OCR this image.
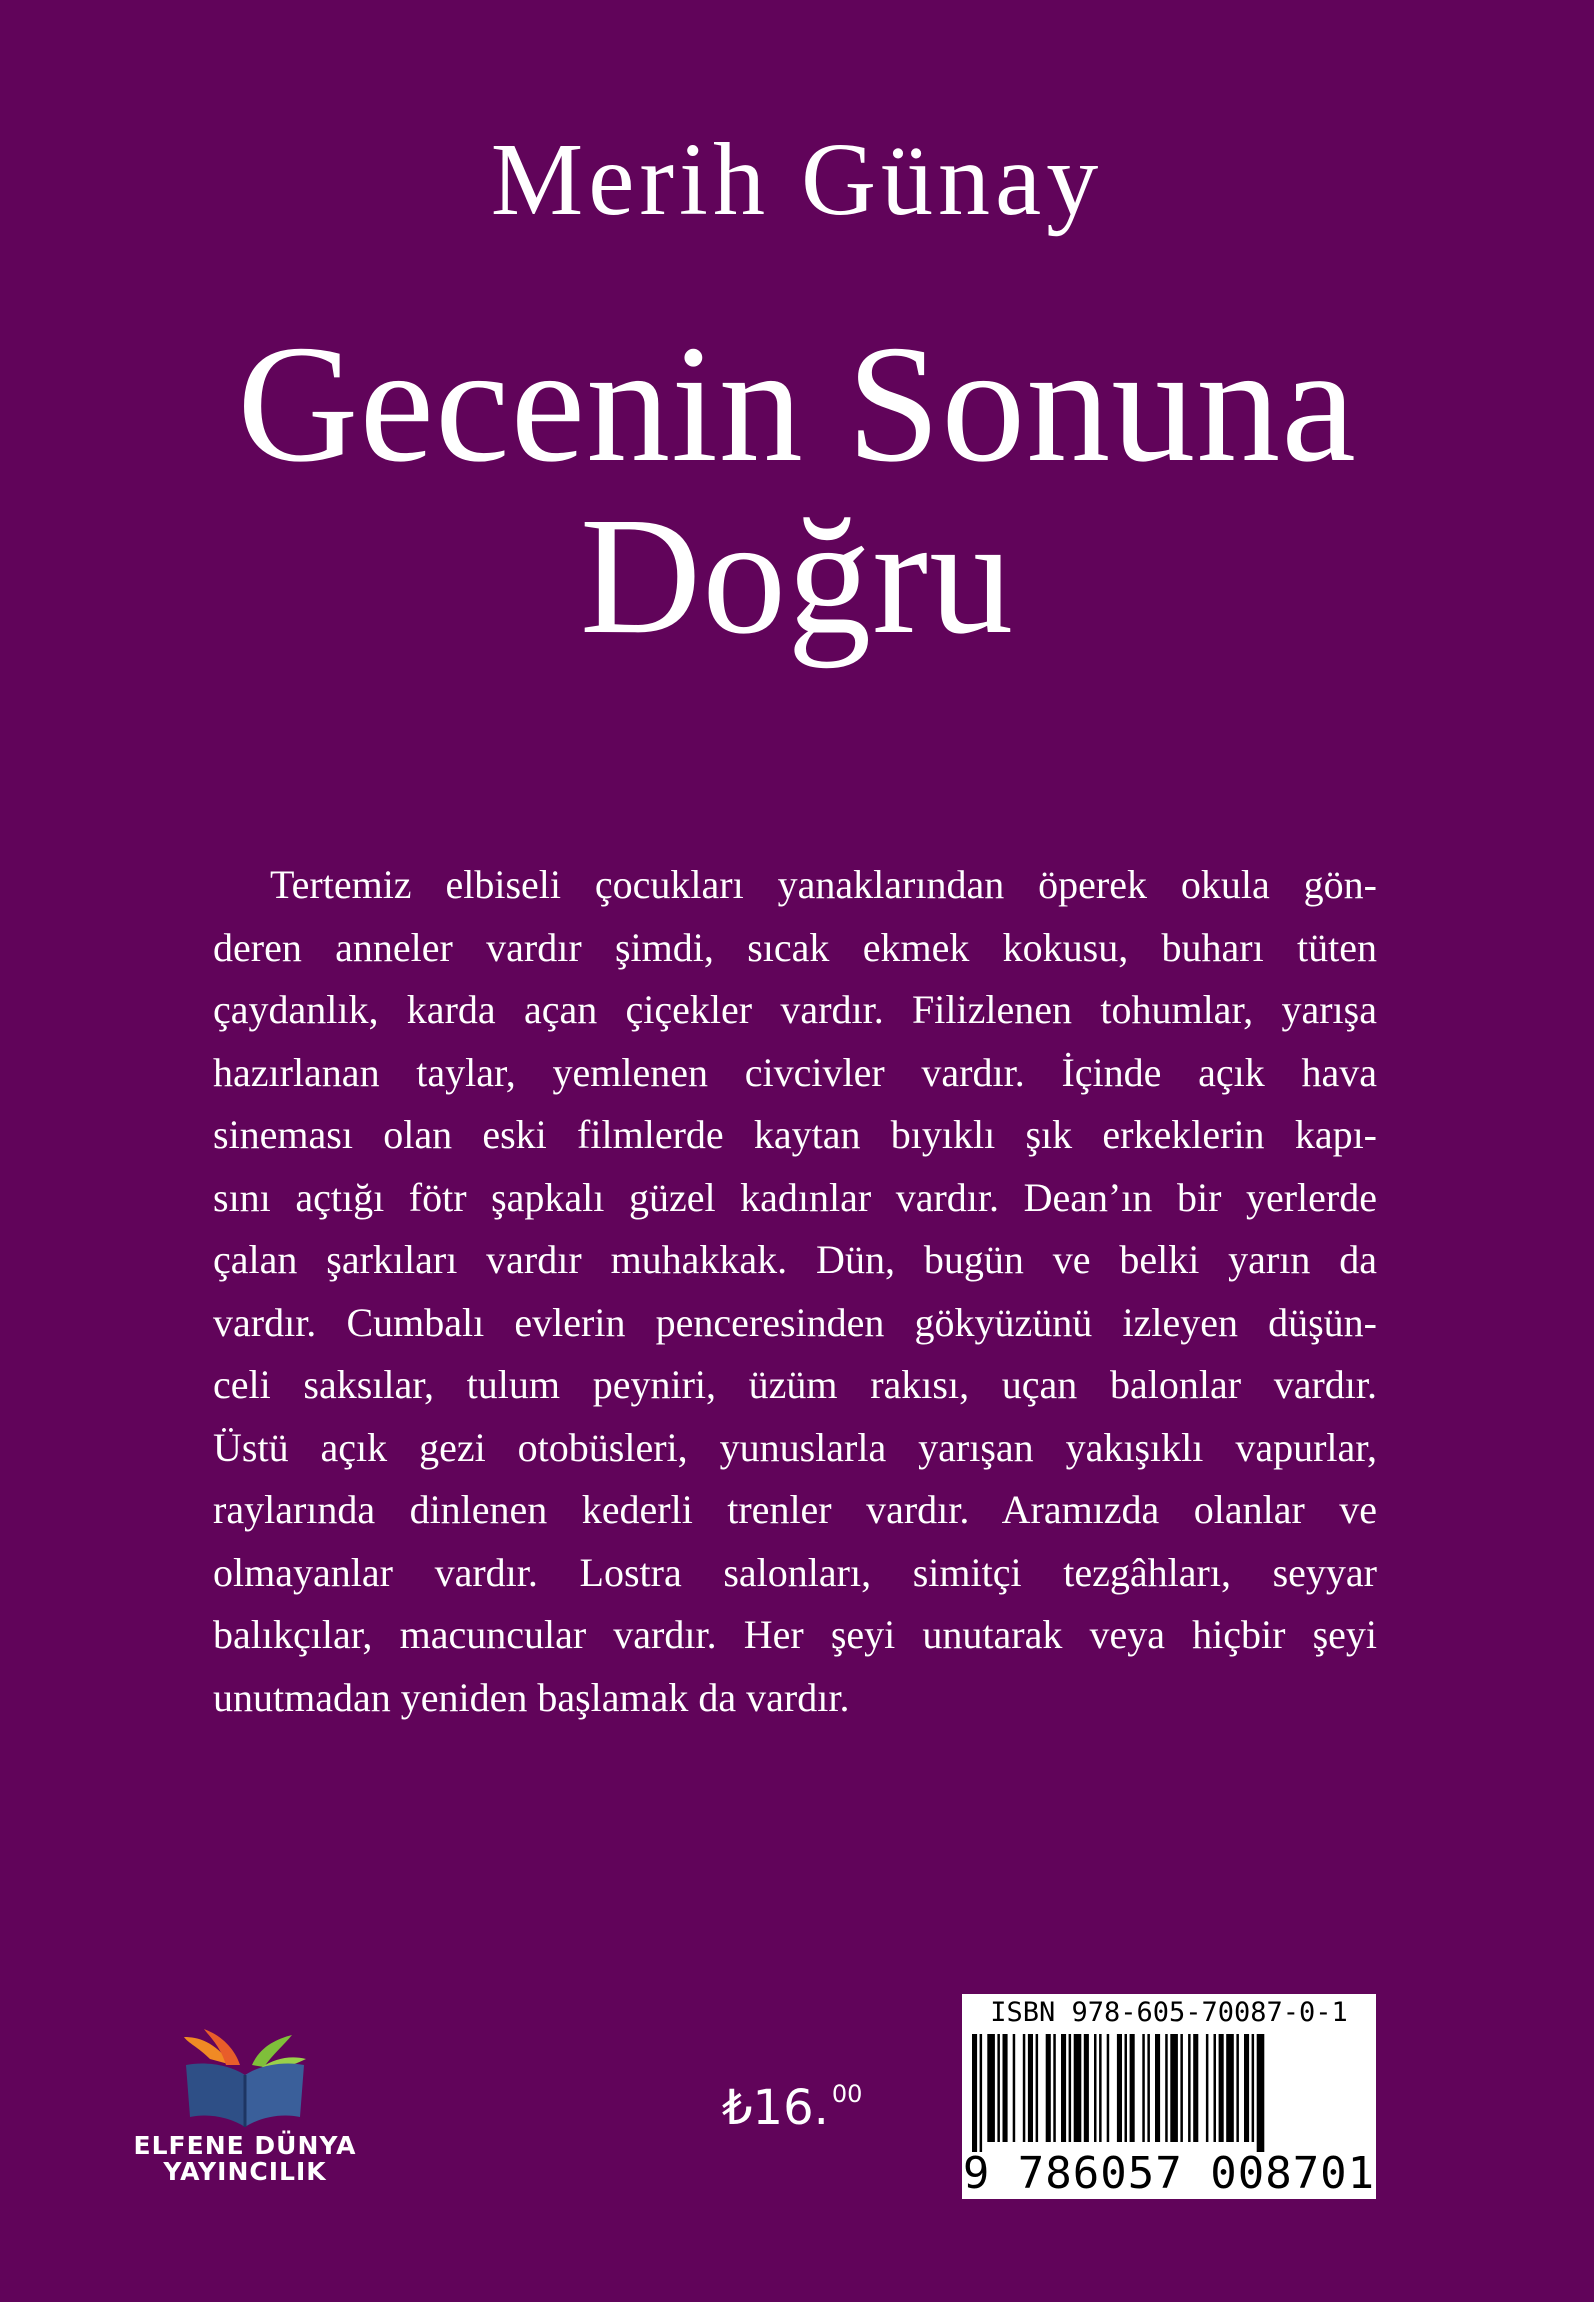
Merih Günay
Gecenin Sonuna
Doğru
Tertemiz elbiseli çocukları yanaklarından öperek okula gön-
deren anneler vardır şimdi, sıcak ekmek kokusu, buharı tüten
çaydanlık, karda açan çiçekler vardır. Filizlenen tohumlar, yarışa
hazırlanan taylar, yemlenen civcivler vardır. İçinde açık hava
sineması olan eski filmlerde kaytan bıyıklı şık erkeklerin kapı-
sını açtığı fötr şapkalı güzel kadınlar vardır. Dean’ın bir yerlerde
çalan şarkıları vardır muhakkak. Dün, bugün ve belki yarın da
vardır. Cumbalı evlerin penceresinden gökyüzünü izleyen düşün-
celi saksılar, tulum peyniri, üzüm rakısı, uçan balonlar vardır.
Üstü açık gezi otobüsleri, yunuslarla yarışan yakışıklı vapurlar,
raylarında dinlenen kederli trenler vardır. Aramızda olanlar ve
olmayanlar vardır. Lostra salonları, simitçi tezgâhları, seyyar
balıkçılar, macuncular vardır. Her şeyi unutarak veya hiçbir şeyi
unutmadan yeniden başlamak da vardır.
ELFENE DÜNYA
YAYINCILIK
₺16. $^{00}$
ISBN 978-605-70087-0-1
9 786057 008701
